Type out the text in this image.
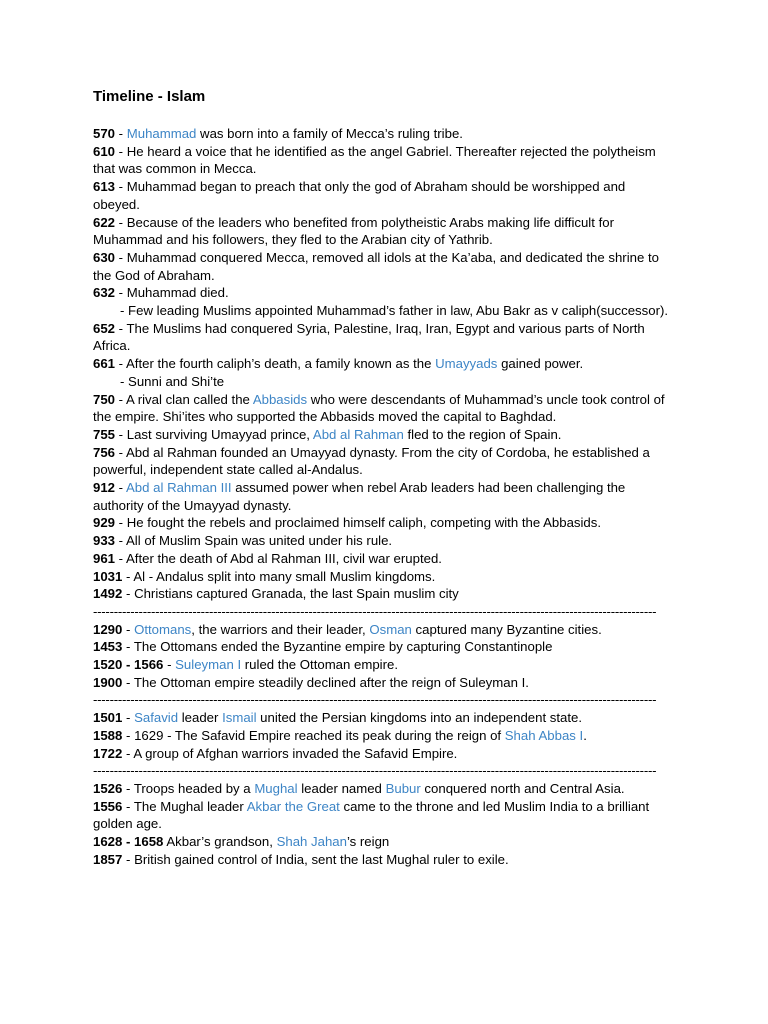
Timeline - Islam

570 - Muhammad was born into a family of Mecca’s ruling tribe.

610 - He heard a voice that he identified as the angel Gabriel. Thereafter rejected the polytheism that was common in Mecca.

613 - Muhammad began to preach that only the god of Abraham should be worshipped and obeyed.

622 - Because of the leaders who benefited from polytheistic Arabs making life difficult for Muhammad and his followers, they fled to the Arabian city of Yathrib.

630 - Muhammad conquered Mecca, removed all idols at the Ka’aba, and dedicated the shrine to the God of Abraham.

632 - Muhammad died.

- Few leading Muslims appointed Muhammad’s father in law, Abu Bakr as v caliph(successor).

652 - The Muslims had conquered Syria, Palestine, Iraq, Iran, Egypt and various parts of North Africa.

661 - After the fourth caliph’s death, a family known as the Umayyads gained power.

- Sunni and Shi’te

750 - A rival clan called the Abbasids who were descendants of Muhammad’s uncle took control of the empire. Shi’ites who supported the Abbasids moved the capital to Baghdad.

755 - Last surviving Umayyad prince, Abd al Rahman fled to the region of Spain.

756 - Abd al Rahman founded an Umayyad dynasty. From the city of Cordoba, he established a powerful, independent state called al-Andalus.

912 - Abd al Rahman III assumed power when rebel Arab leaders had been challenging the authority of the Umayyad dynasty.

929 - He fought the rebels and proclaimed himself caliph, competing with the Abbasids.

933 - All of Muslim Spain was united under his rule.

961 - After the death of Abd al Rahman III, civil war erupted.

1031 - Al - Andalus split into many small Muslim kingdoms.

1492 - Christians captured Granada, the last Spain muslim city

----------------------------------------------------------------------------------------------------------------------------------------

1290 - Ottomans, the warriors and their leader, Osman captured many Byzantine cities.

1453 - The Ottomans ended the Byzantine empire by capturing Constantinople

1520 - 1566 - Suleyman I ruled the Ottoman empire.

1900 - The Ottoman empire steadily declined after the reign of Suleyman I.

----------------------------------------------------------------------------------------------------------------------------------------

1501 - Safavid leader Ismail united the Persian kingdoms into an independent state.

1588 - 1629 - The Safavid Empire reached its peak during the reign of Shah Abbas I.

1722 - A group of Afghan warriors invaded the Safavid Empire.

----------------------------------------------------------------------------------------------------------------------------------------

1526 - Troops headed by a Mughal leader named Bubur conquered north and Central Asia.

1556 - The Mughal leader Akbar the Great came to the throne and led Muslim India to a brilliant golden age.

1628 - 1658 Akbar’s grandson, Shah Jahan’s reign

1857 - British gained control of India, sent the last Mughal ruler to exile.
